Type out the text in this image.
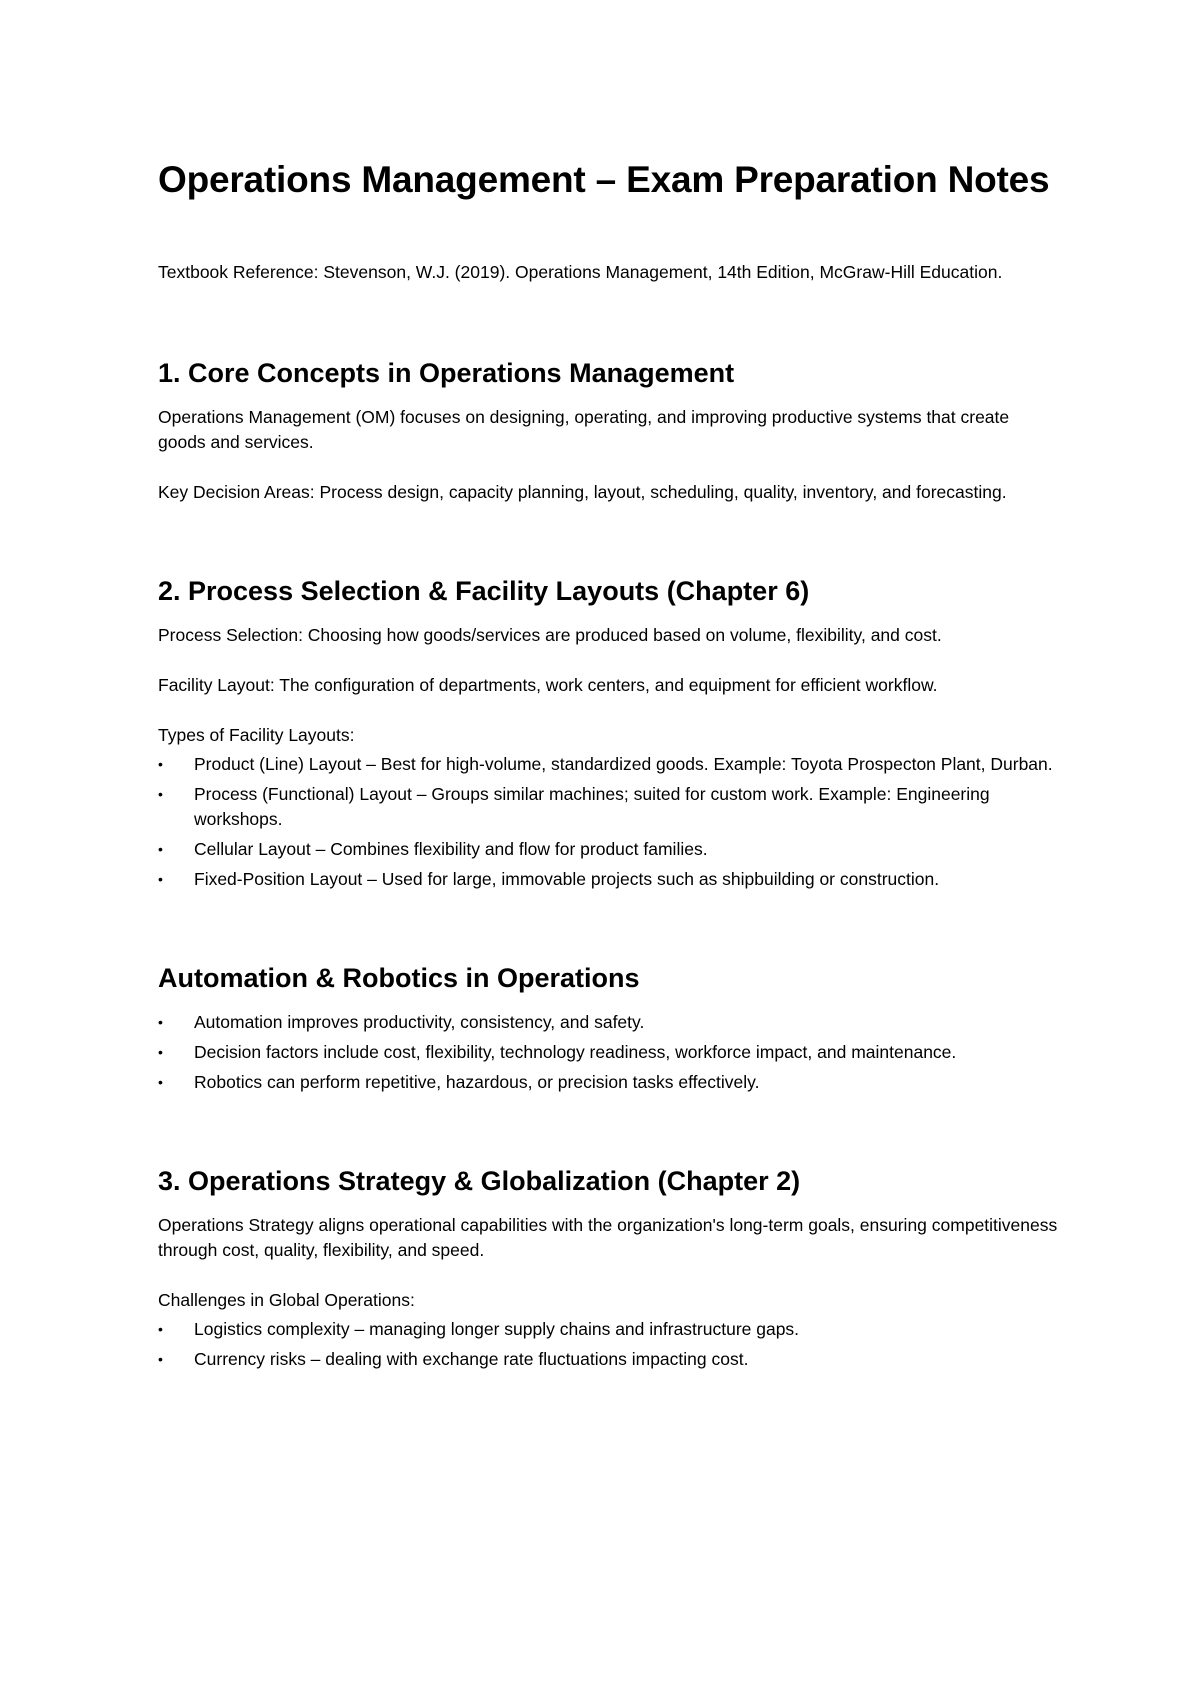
Operations Management – Exam Preparation Notes

Textbook Reference: Stevenson, W.J. (2019). Operations Management, 14th Edition, McGraw-Hill Education.

1. Core Concepts in Operations Management

Operations Management (OM) focuses on designing, operating, and improving productive systems that create goods and services.

Key Decision Areas: Process design, capacity planning, layout, scheduling, quality, inventory, and forecasting.

2. Process Selection & Facility Layouts (Chapter 6)

Process Selection: Choosing how goods/services are produced based on volume, flexibility, and cost.

Facility Layout: The configuration of departments, work centers, and equipment for efficient workflow.

Types of Facility Layouts:

•	Product (Line) Layout – Best for high-volume, standardized goods. Example: Toyota Prospecton Plant, Durban.
•	Process (Functional) Layout – Groups similar machines; suited for custom work. Example: Engineering workshops.
•	Cellular Layout – Combines flexibility and flow for product families.
•	Fixed-Position Layout – Used for large, immovable projects such as shipbuilding or construction.
Automation & Robotics in Operations
•	Automation improves productivity, consistency, and safety.
•	Decision factors include cost, flexibility, technology readiness, workforce impact, and maintenance.
•	Robotics can perform repetitive, hazardous, or precision tasks effectively.
3. Operations Strategy & Globalization (Chapter 2)

Operations Strategy aligns operational capabilities with the organization's long-term goals, ensuring competitiveness through cost, quality, flexibility, and speed.

Challenges in Global Operations:

•	Logistics complexity – managing longer supply chains and infrastructure gaps.
•	Currency risks – dealing with exchange rate fluctuations impacting cost.
